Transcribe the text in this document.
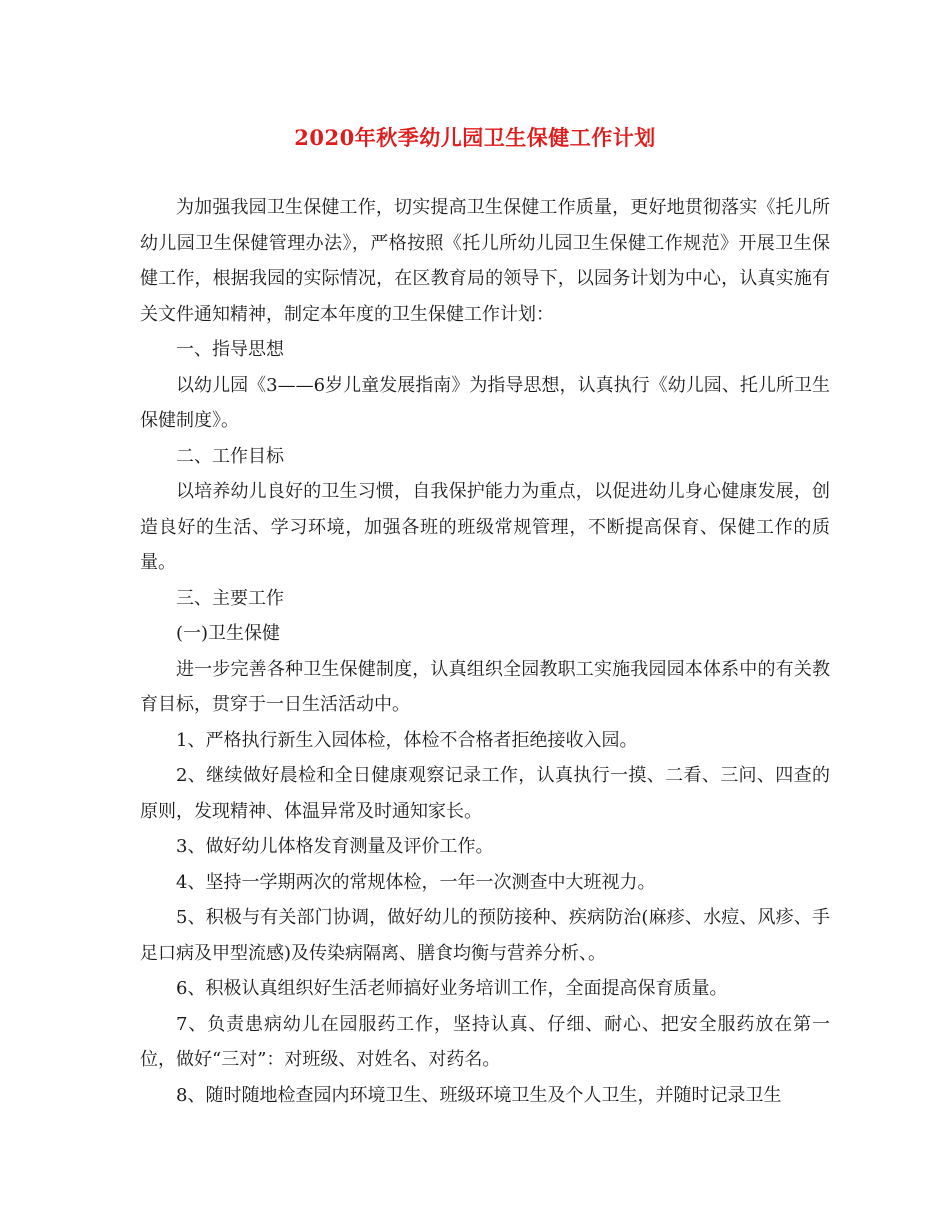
2020年秋季幼儿园卫生保健工作计划

为加强我园卫生保健工作，切实提高卫生保健工作质量，更好地贯彻落实《托儿所幼儿园卫生保健管理办法》，严格按照《托儿所幼儿园卫生保健工作规范》开展卫生保健工作，根据我园的实际情况，在区教育局的领导下，以园务计划为中心，认真实施有关文件通知精神，制定本年度的卫生保健工作计划：

一、指导思想

以幼儿园《3——6岁儿童发展指南》为指导思想，认真执行《幼儿园、托儿所卫生保健制度》。

二、工作目标

以培养幼儿良好的卫生习惯，自我保护能力为重点，以促进幼儿身心健康发展，创造良好的生活、学习环境，加强各班的班级常规管理，不断提高保育、保健工作的质量。

三、主要工作

(一)卫生保健

进一步完善各种卫生保健制度，认真组织全园教职工实施我园园本体系中的有关教育目标，贯穿于一日生活活动中。

1、严格执行新生入园体检，体检不合格者拒绝接收入园。

2、继续做好晨检和全日健康观察记录工作，认真执行一摸、二看、三问、四查的原则，发现精神、体温异常及时通知家长。

3、做好幼儿体格发育测量及评价工作。

4、坚持一学期两次的常规体检，一年一次测查中大班视力。

5、积极与有关部门协调，做好幼儿的预防接种、疾病防治(麻疹、水痘、风疹、手足口病及甲型流感)及传染病隔离、膳食均衡与营养分析、。

6、积极认真组织好生活老师搞好业务培训工作，全面提高保育质量。

7、负责患病幼儿在园服药工作，坚持认真、仔细、耐心、把安全服药放在第一位，做好“三对”：对班级、对姓名、对药名。

8、随时随地检查园内环境卫生、班级环境卫生及个人卫生，并随时记录卫生
